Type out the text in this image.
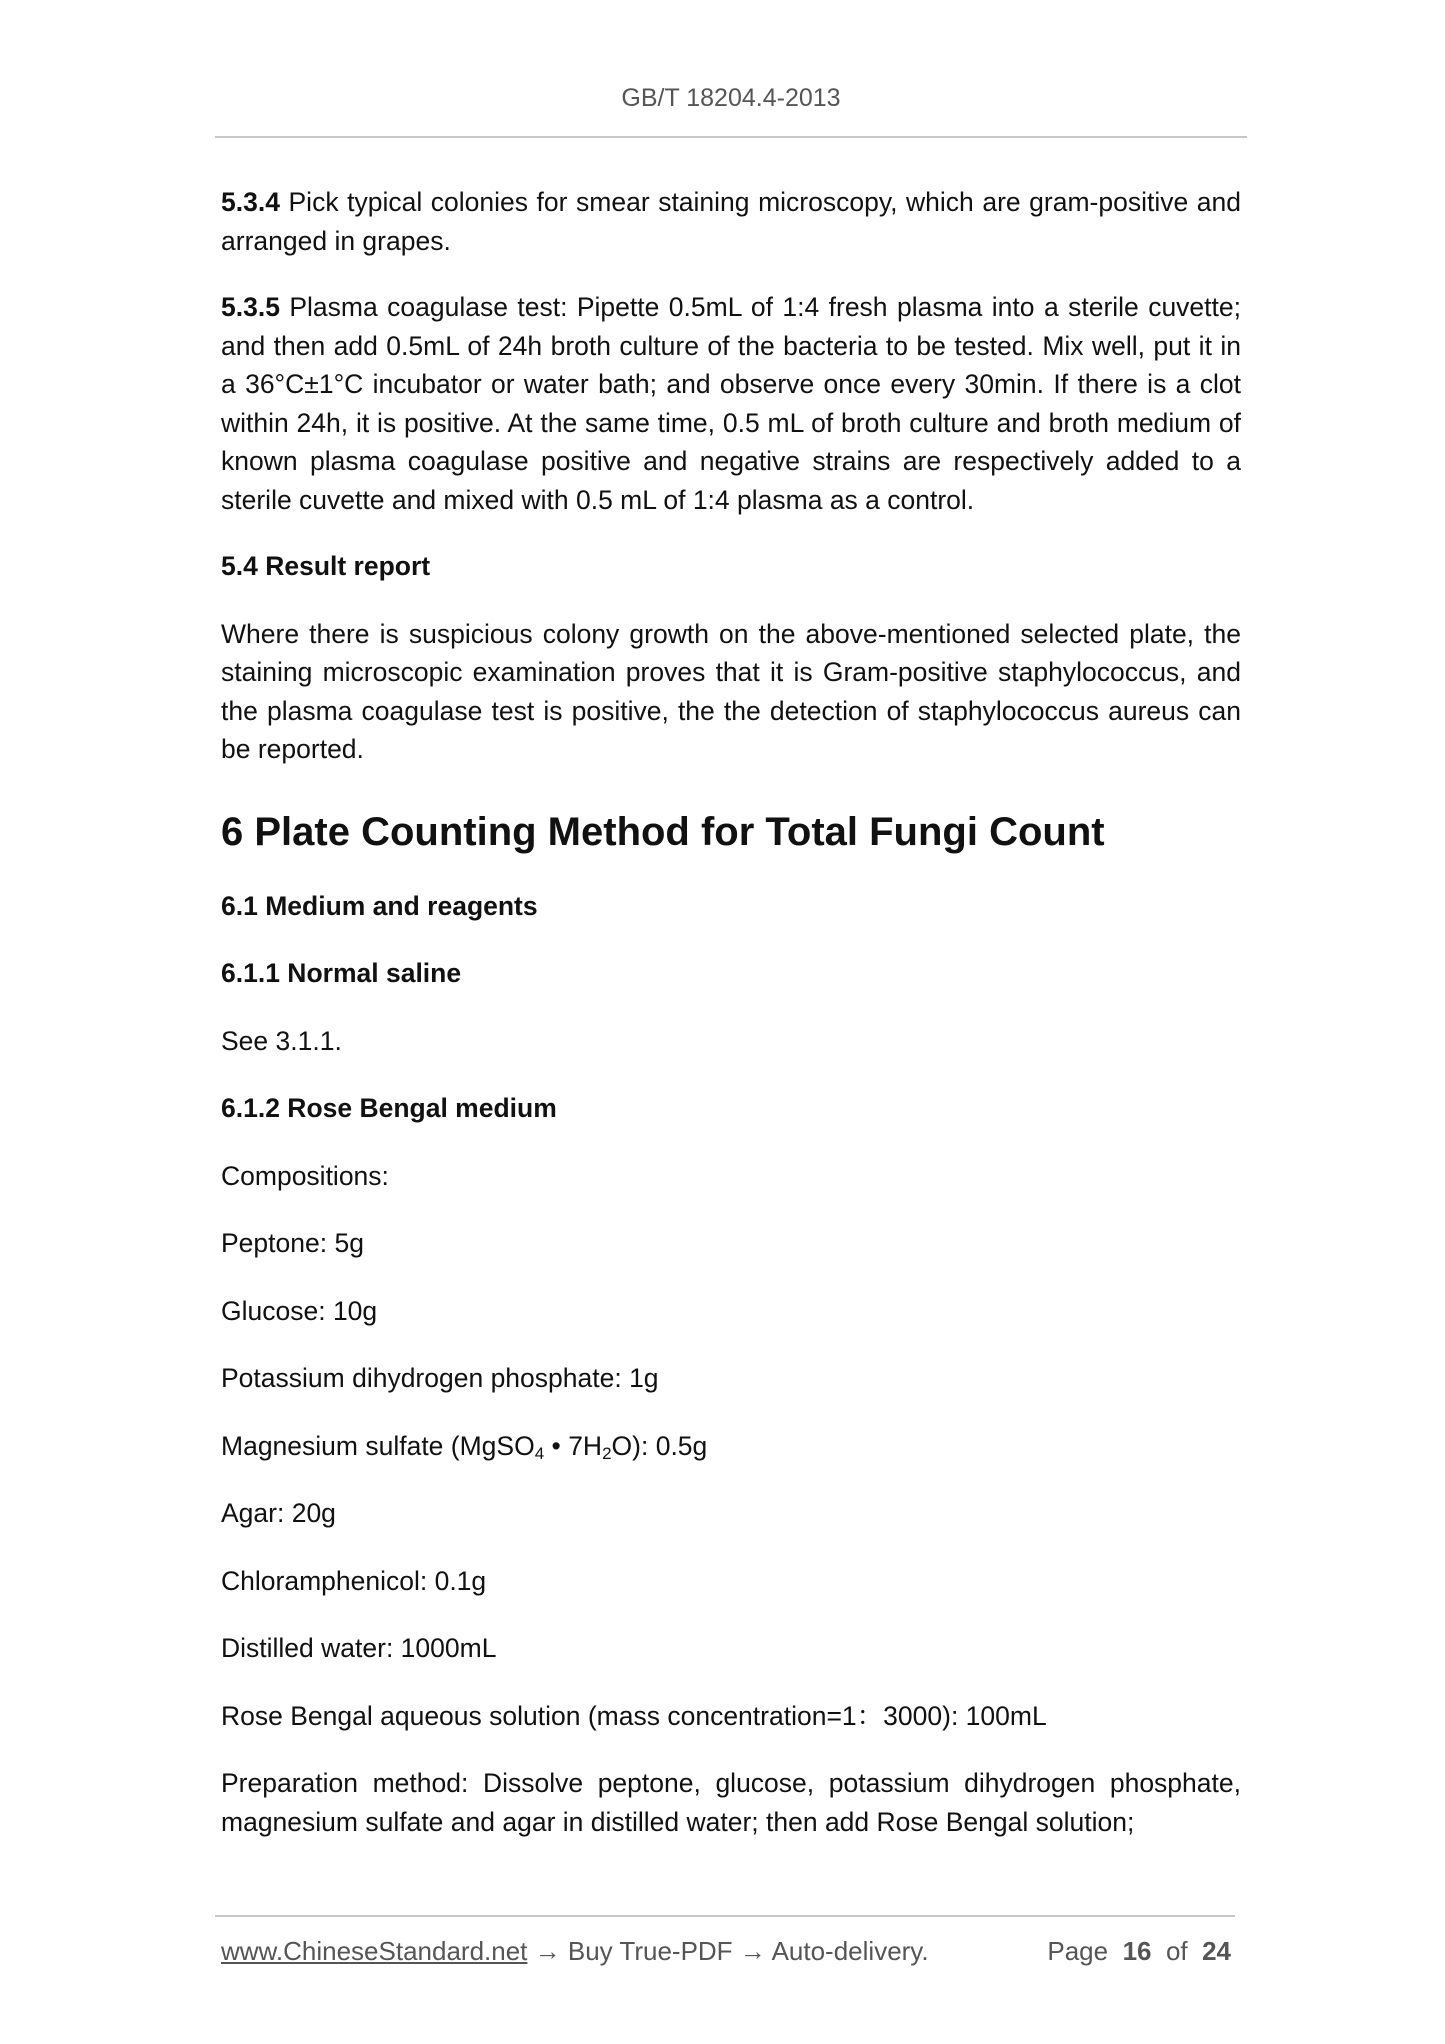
GB/T 18204.4-2013

5.3.4 Pick typical colonies for smear staining microscopy, which are gram-positive and arranged in grapes.

5.3.5 Plasma coagulase test: Pipette 0.5mL of 1:4 fresh plasma into a sterile cuvette; and then add 0.5mL of 24h broth culture of the bacteria to be tested. Mix well, put it in a 36°C±1°C incubator or water bath; and observe once every 30min. If there is a clot within 24h, it is positive. At the same time, 0.5 mL of broth culture and broth medium of known plasma coagulase positive and negative strains are respectively added to a sterile cuvette and mixed with 0.5 mL of 1:4 plasma as a control.

5.4 Result report

Where there is suspicious colony growth on the above-mentioned selected plate, the staining microscopic examination proves that it is Gram-positive staphylococcus, and the plasma coagulase test is positive, the the detection of staphylococcus aureus can be reported.

6 Plate Counting Method for Total Fungi Count

6.1 Medium and reagents

6.1.1 Normal saline

See 3.1.1.

6.1.2 Rose Bengal medium

Compositions:

Peptone: 5g

Glucose: 10g

Potassium dihydrogen phosphate: 1g

Magnesium sulfate (MgSO$_4$ • $7H_2O$): 0.5g

Agar: 20g

Chloramphenicol: 0.1g

Distilled water: 1000mL

Rose Bengal aqueous solution (mass concentration=1：3000): 100mL

Preparation method: Dissolve peptone, glucose, potassium dihydrogen phosphate, magnesium sulfate and agar in distilled water; then add Rose Bengal solution;

www.ChineseStandard.net → Buy True-PDF → Auto-delivery.	Page 16 of 24
